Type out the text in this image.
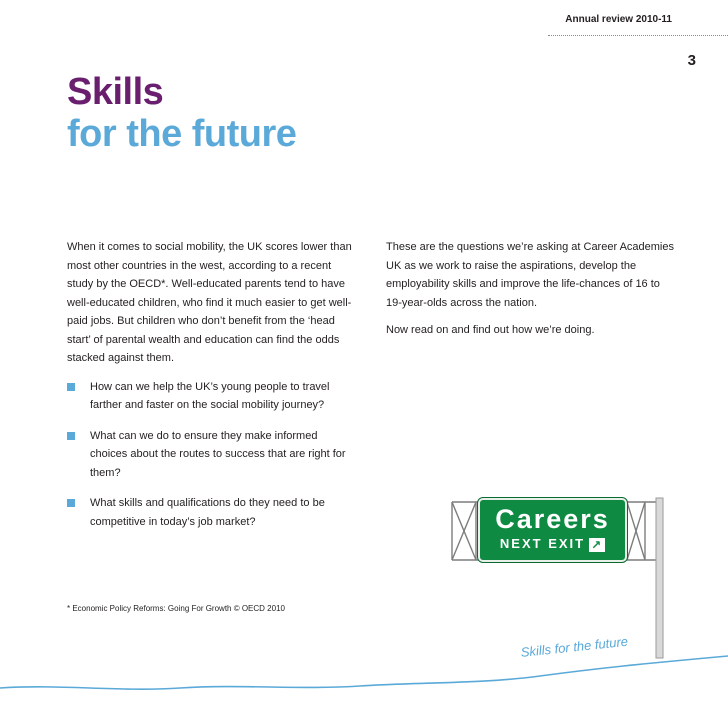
Annual review 2010-11
3
Skills
for the future

When it comes to social mobility, the UK scores lower than most other countries in the west, according to a recent study by the OECD*. Well-educated parents tend to have well-educated children, who find it much easier to get well-paid jobs. But children who don’t benefit from the ‘head start’ of parental wealth and education can find the odds stacked against them.

How can we help the UK’s young people to travel farther and faster on the social mobility journey?
What can we do to ensure they make informed choices about the routes to success that are right for them?
What skills and qualifications do they need to be competitive in today’s job market?

These are the questions we’re asking at Career Academies UK as we work to raise the aspirations, develop the employability skills and improve the life-chances of 16 to 19-year-olds across the nation.

Now read on and find out how we’re doing.

* Economic Policy Reforms: Going For Growth © OECD 2010
Careers
NEXT EXIT ↗
Skills for the future
